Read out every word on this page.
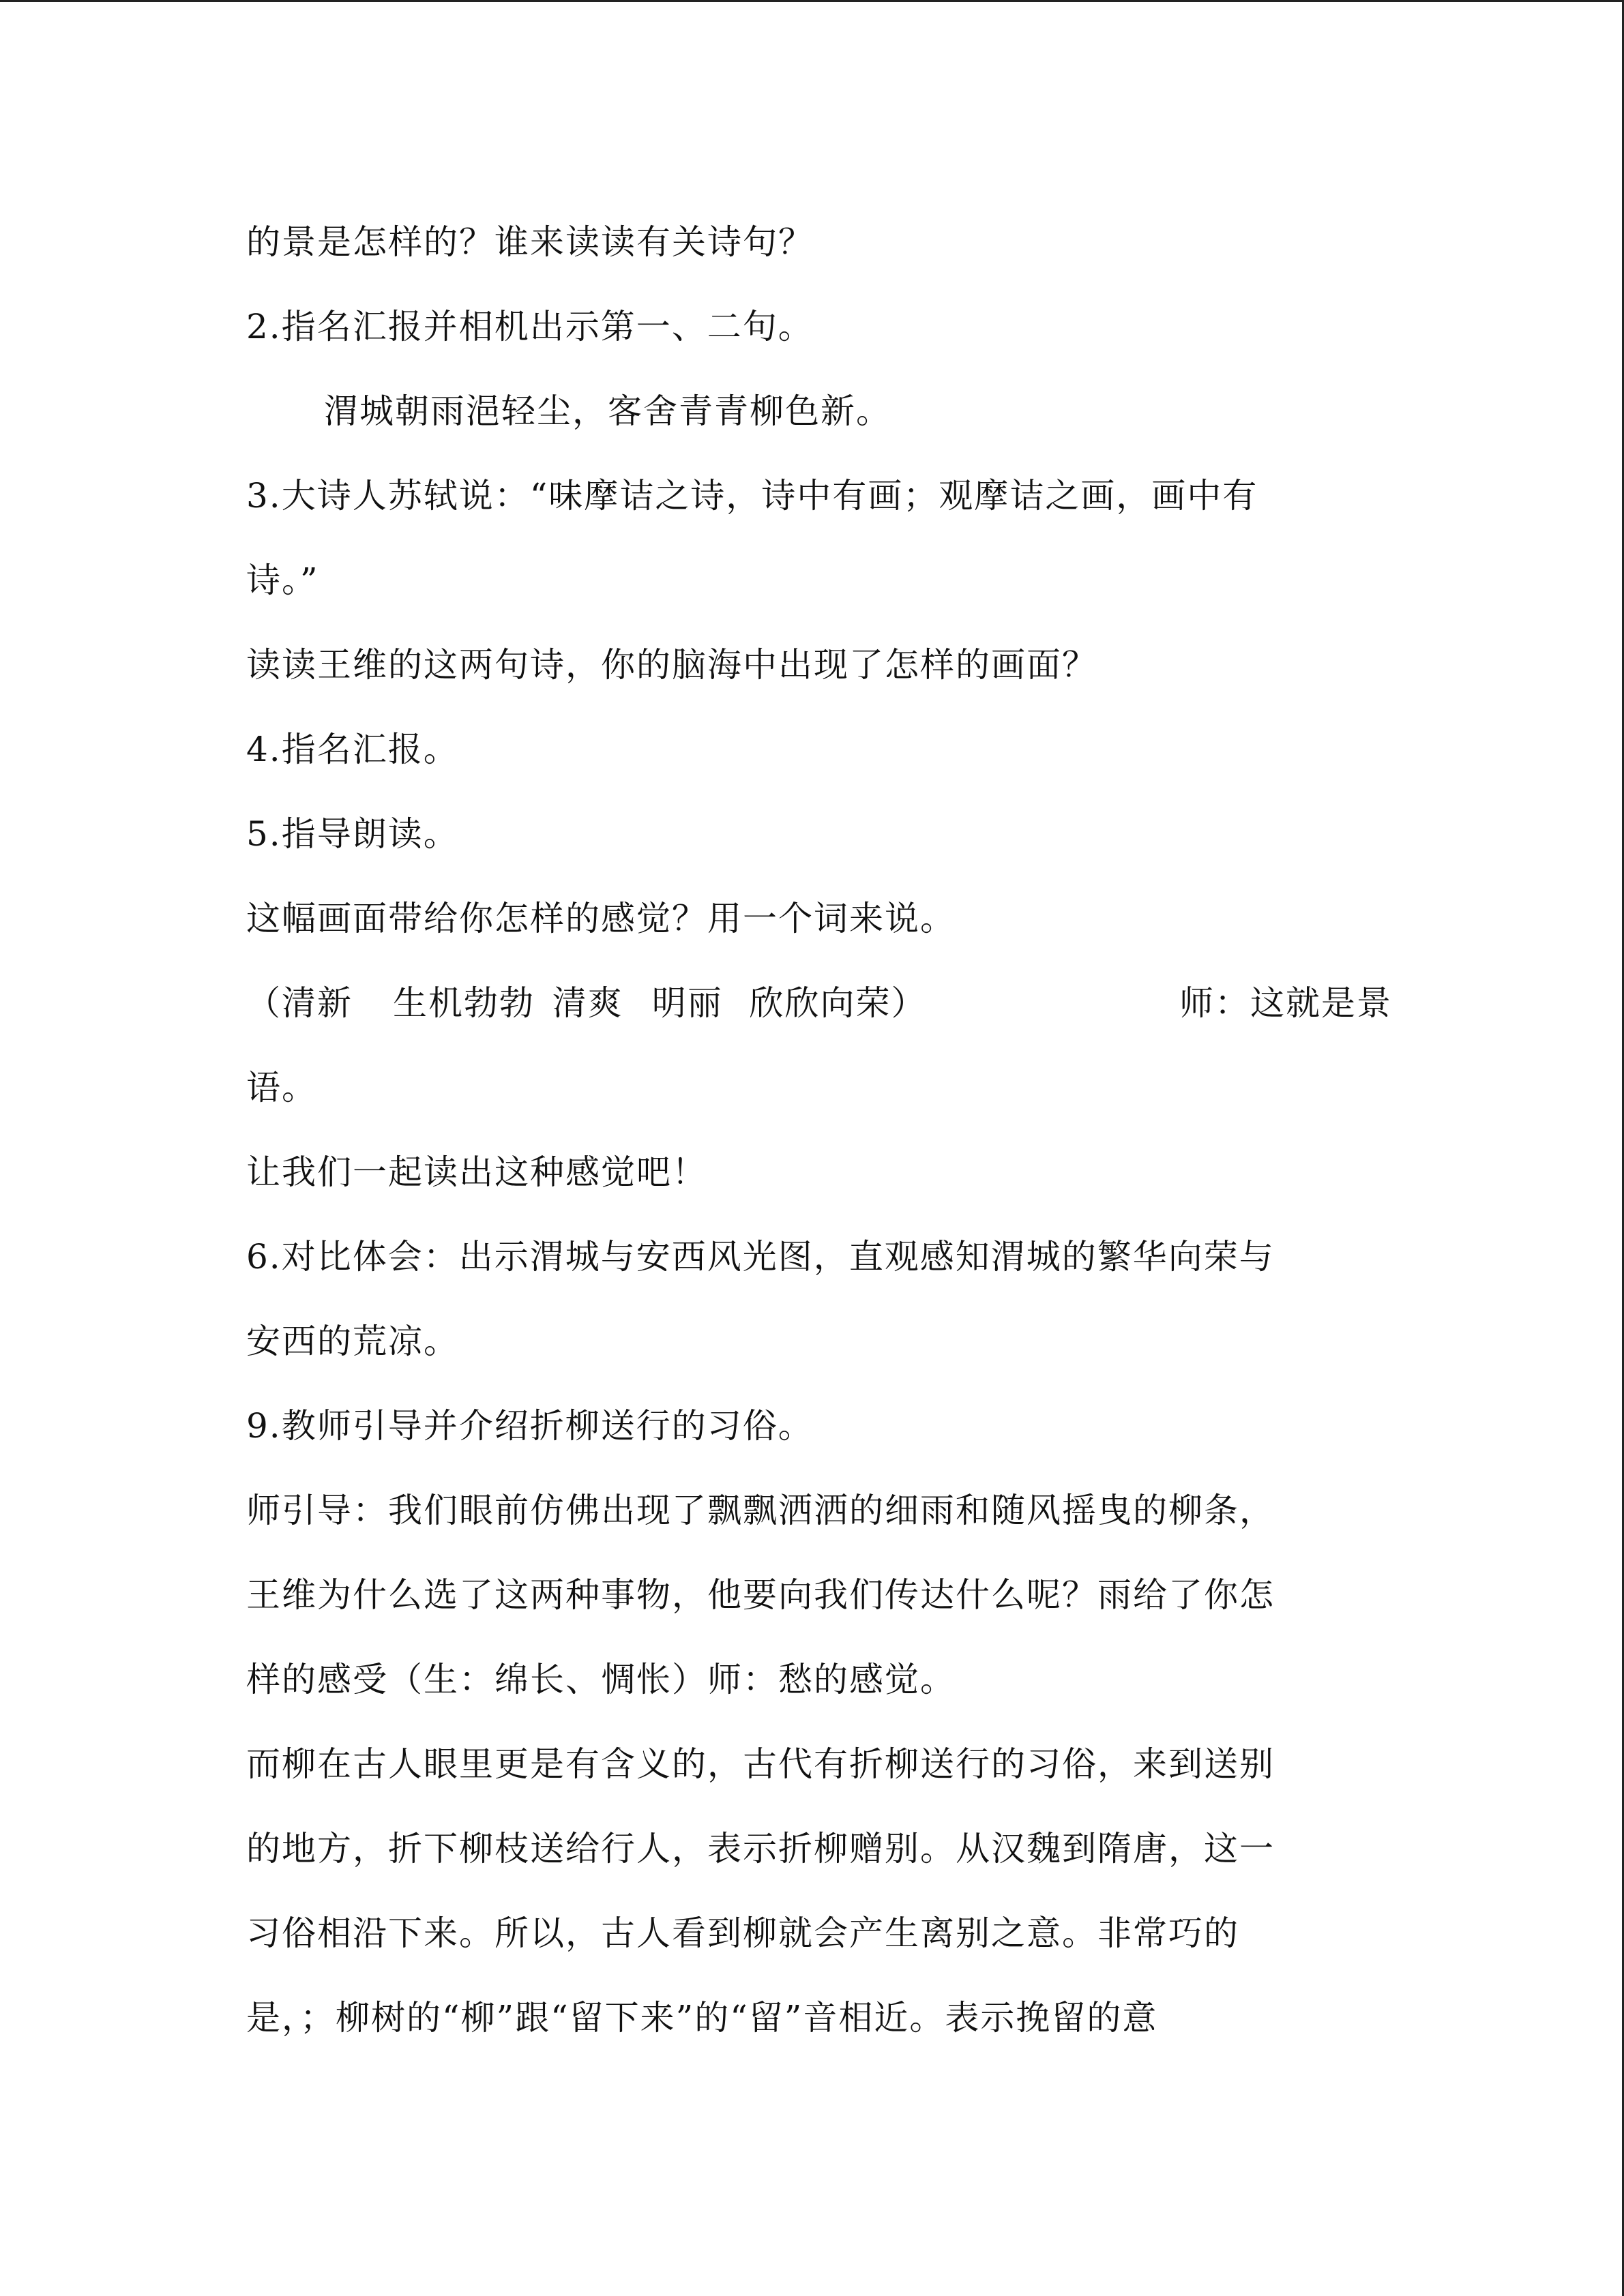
的景是怎样的？谁来读读有关诗句？
2.指名汇报并相机出示第一、二句。
渭城朝雨浥轻尘，客舍青青柳色新。
3.大诗人苏轼说：“味摩诘之诗，诗中有画；观摩诘之画，画中有
诗。”
读读王维的这两句诗，你的脑海中出现了怎样的画面？
4.指名汇报。
5.指导朗读。
这幅画面带给你怎样的感觉？用一个词来说。
（清新	生机勃勃 清爽 明丽 欣欣向荣）	师：这就是景
语。
让我们一起读出这种感觉吧！
6.对比体会：出示渭城与安西风光图，直观感知渭城的繁华向荣与
安西的荒凉。
9.教师引导并介绍折柳送行的习俗。
师引导：我们眼前仿佛出现了飘飘洒洒的细雨和随风摇曳的柳条，
王维为什么选了这两种事物，他要向我们传达什么呢？雨给了你怎
样的感受（生：绵长、惆怅）师：愁的感觉。
而柳在古人眼里更是有含义的，古代有折柳送行的习俗，来到送别
的地方，折下柳枝送给行人，表示折柳赠别。从汉魏到隋唐，这一
习俗相沿下来。所以，古人看到柳就会产生离别之意。非常巧的
是，；柳树的“柳”跟“留下来”的“留”音相近。表示挽留的意
